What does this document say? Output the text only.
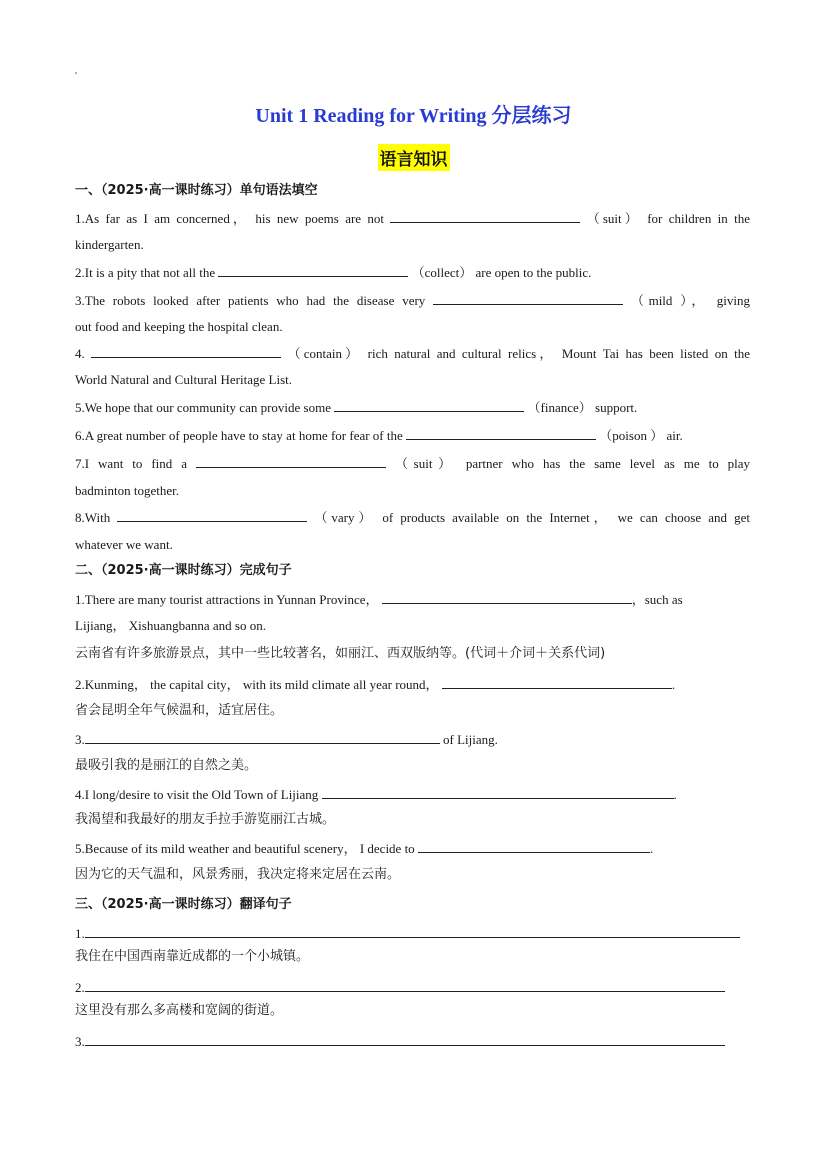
Unit 1 Reading for Writing 分层练习
语言知识
一、（2025·高一课时练习）单句语法填空
1.As far as I am concerned， his new poems are not	（suit） for children in the
kindergarten.
2.It is a pity that not all the	（collect） are open to the public.
3.The robots looked after patients who had the disease very	（mild ）， giving
out food and keeping the hospital clean.
4.	（contain） rich natural and cultural relics， Mount Tai has been listed on the
World Natural and Cultural Heritage List.
5.We hope that our community can provide some	（finance） support.
6.A great number of people have to stay at home for fear of the	（poison ） air.
7.I want to find a	（suit） partner who has the same level as me to play
badminton together.
8.With	（vary） of products available on the Internet， we can choose and get
whatever we want.
二、（2025·高一课时练习）完成句子
1.There are many tourist attractions in Yunnan Province，	，such as
Lijiang， Xishuangbanna and so on.
云南省有许多旅游景点，其中一些比较著名，如丽江、西双版纳等。(代词＋介词＋关系代词)
2.Kunming， the capital city， with its mild climate all year round，	.
省会昆明全年气候温和，适宜居住。
3.	of Lijiang.
最吸引我的是丽江的自然之美。
4.I long/desire to visit the Old Town of Lijiang	.
我渴望和我最好的朋友手拉手游览丽江古城。
5.Because of its mild weather and beautiful scenery， I decide to	.
因为它的天气温和，风景秀丽，我决定将来定居在云南。
三、（2025·高一课时练习）翻译句子
1.
我住在中国西南靠近成都的一个小城镇。
2.
这里没有那么多高楼和宽阔的街道。
3.
